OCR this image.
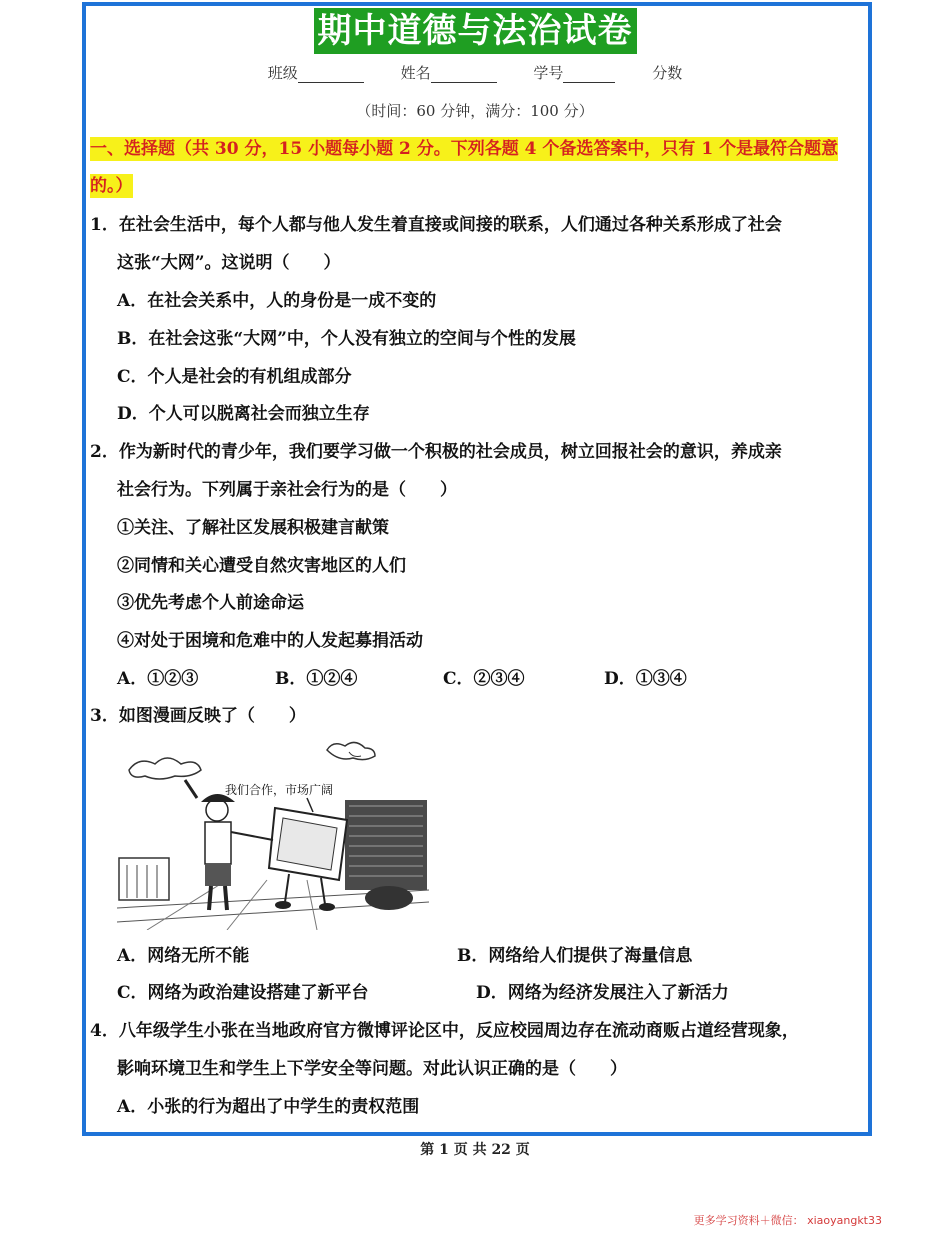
期中道德与法治试卷
班级	姓名	学号	分数
（时间：60 分钟，满分：100 分）
一、选择题（共 30 分，15 小题每小题 2 分。下列各题 4 个备选答案中，只有 1 个是最符合题意的。）
1．在社会生活中，每个人都与他人发生着直接或间接的联系，人们通过各种关系形成了社会
这张“大网”。这说明（　　）
A．在社会关系中，人的身份是一成不变的
B．在社会这张“大网”中，个人没有独立的空间与个性的发展
C．个人是社会的有机组成部分
D．个人可以脱离社会而独立生存
2．作为新时代的青少年，我们要学习做一个积极的社会成员，树立回报社会的意识，养成亲
社会行为。下列属于亲社会行为的是（　　）
①关注、了解社区发展积极建言献策
②同情和关心遭受自然灾害地区的人们
③优先考虑个人前途命运
④对处于困境和危难中的人发起募捐活动
A．①②③	B．①②④	C．②③④	D．①③④
3．如图漫画反映了（　　）
我们合作，市场广阔
A．网络无所不能	B．网络给人们提供了海量信息
C．网络为政治建设搭建了新平台	D．网络为经济发展注入了新活力
4．八年级学生小张在当地政府官方微博评论区中，反应校园周边存在流动商贩占道经营现象，
影响环境卫生和学生上下学安全等问题。对此认识正确的是（　　）
A．小张的行为超出了中学生的责权范围
第 1 页 共 22 页
更多学习资料＋微信： xiaoyangkt33
